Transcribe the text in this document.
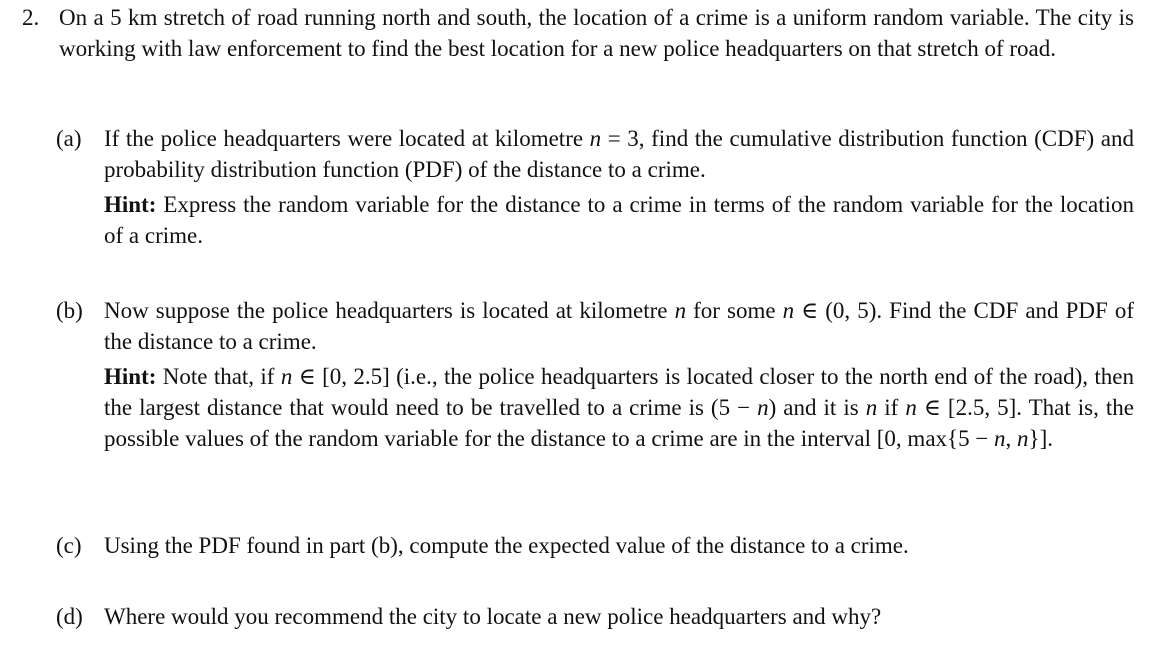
2. On a 5 km stretch of road running north and south, the location of a crime is a uniform random variable. The city is working with law enforcement to find the best location for a new police headquarters on that stretch of road.
(a) If the police headquarters were located at kilometre n = 3, find the cumulative distribution function (CDF) and probability distribution function (PDF) of the distance to a crime.
Hint: Express the random variable for the distance to a crime in terms of the random variable for the location of a crime.
(b) Now suppose the police headquarters is located at kilometre n for some n ∈ (0, 5). Find the CDF and PDF of the distance to a crime.
Hint: Note that, if n ∈ [0, 2.5] (i.e., the police headquarters is located closer to the north end of the road), then the largest distance that would need to be travelled to a crime is (5 − n) and it is n if n ∈ [2.5, 5]. That is, the possible values of the random variable for the distance to a crime are in the interval [0, max{5 − n, n}].
(c) Using the PDF found in part (b), compute the expected value of the distance to a crime.
(d) Where would you recommend the city to locate a new police headquarters and why?
